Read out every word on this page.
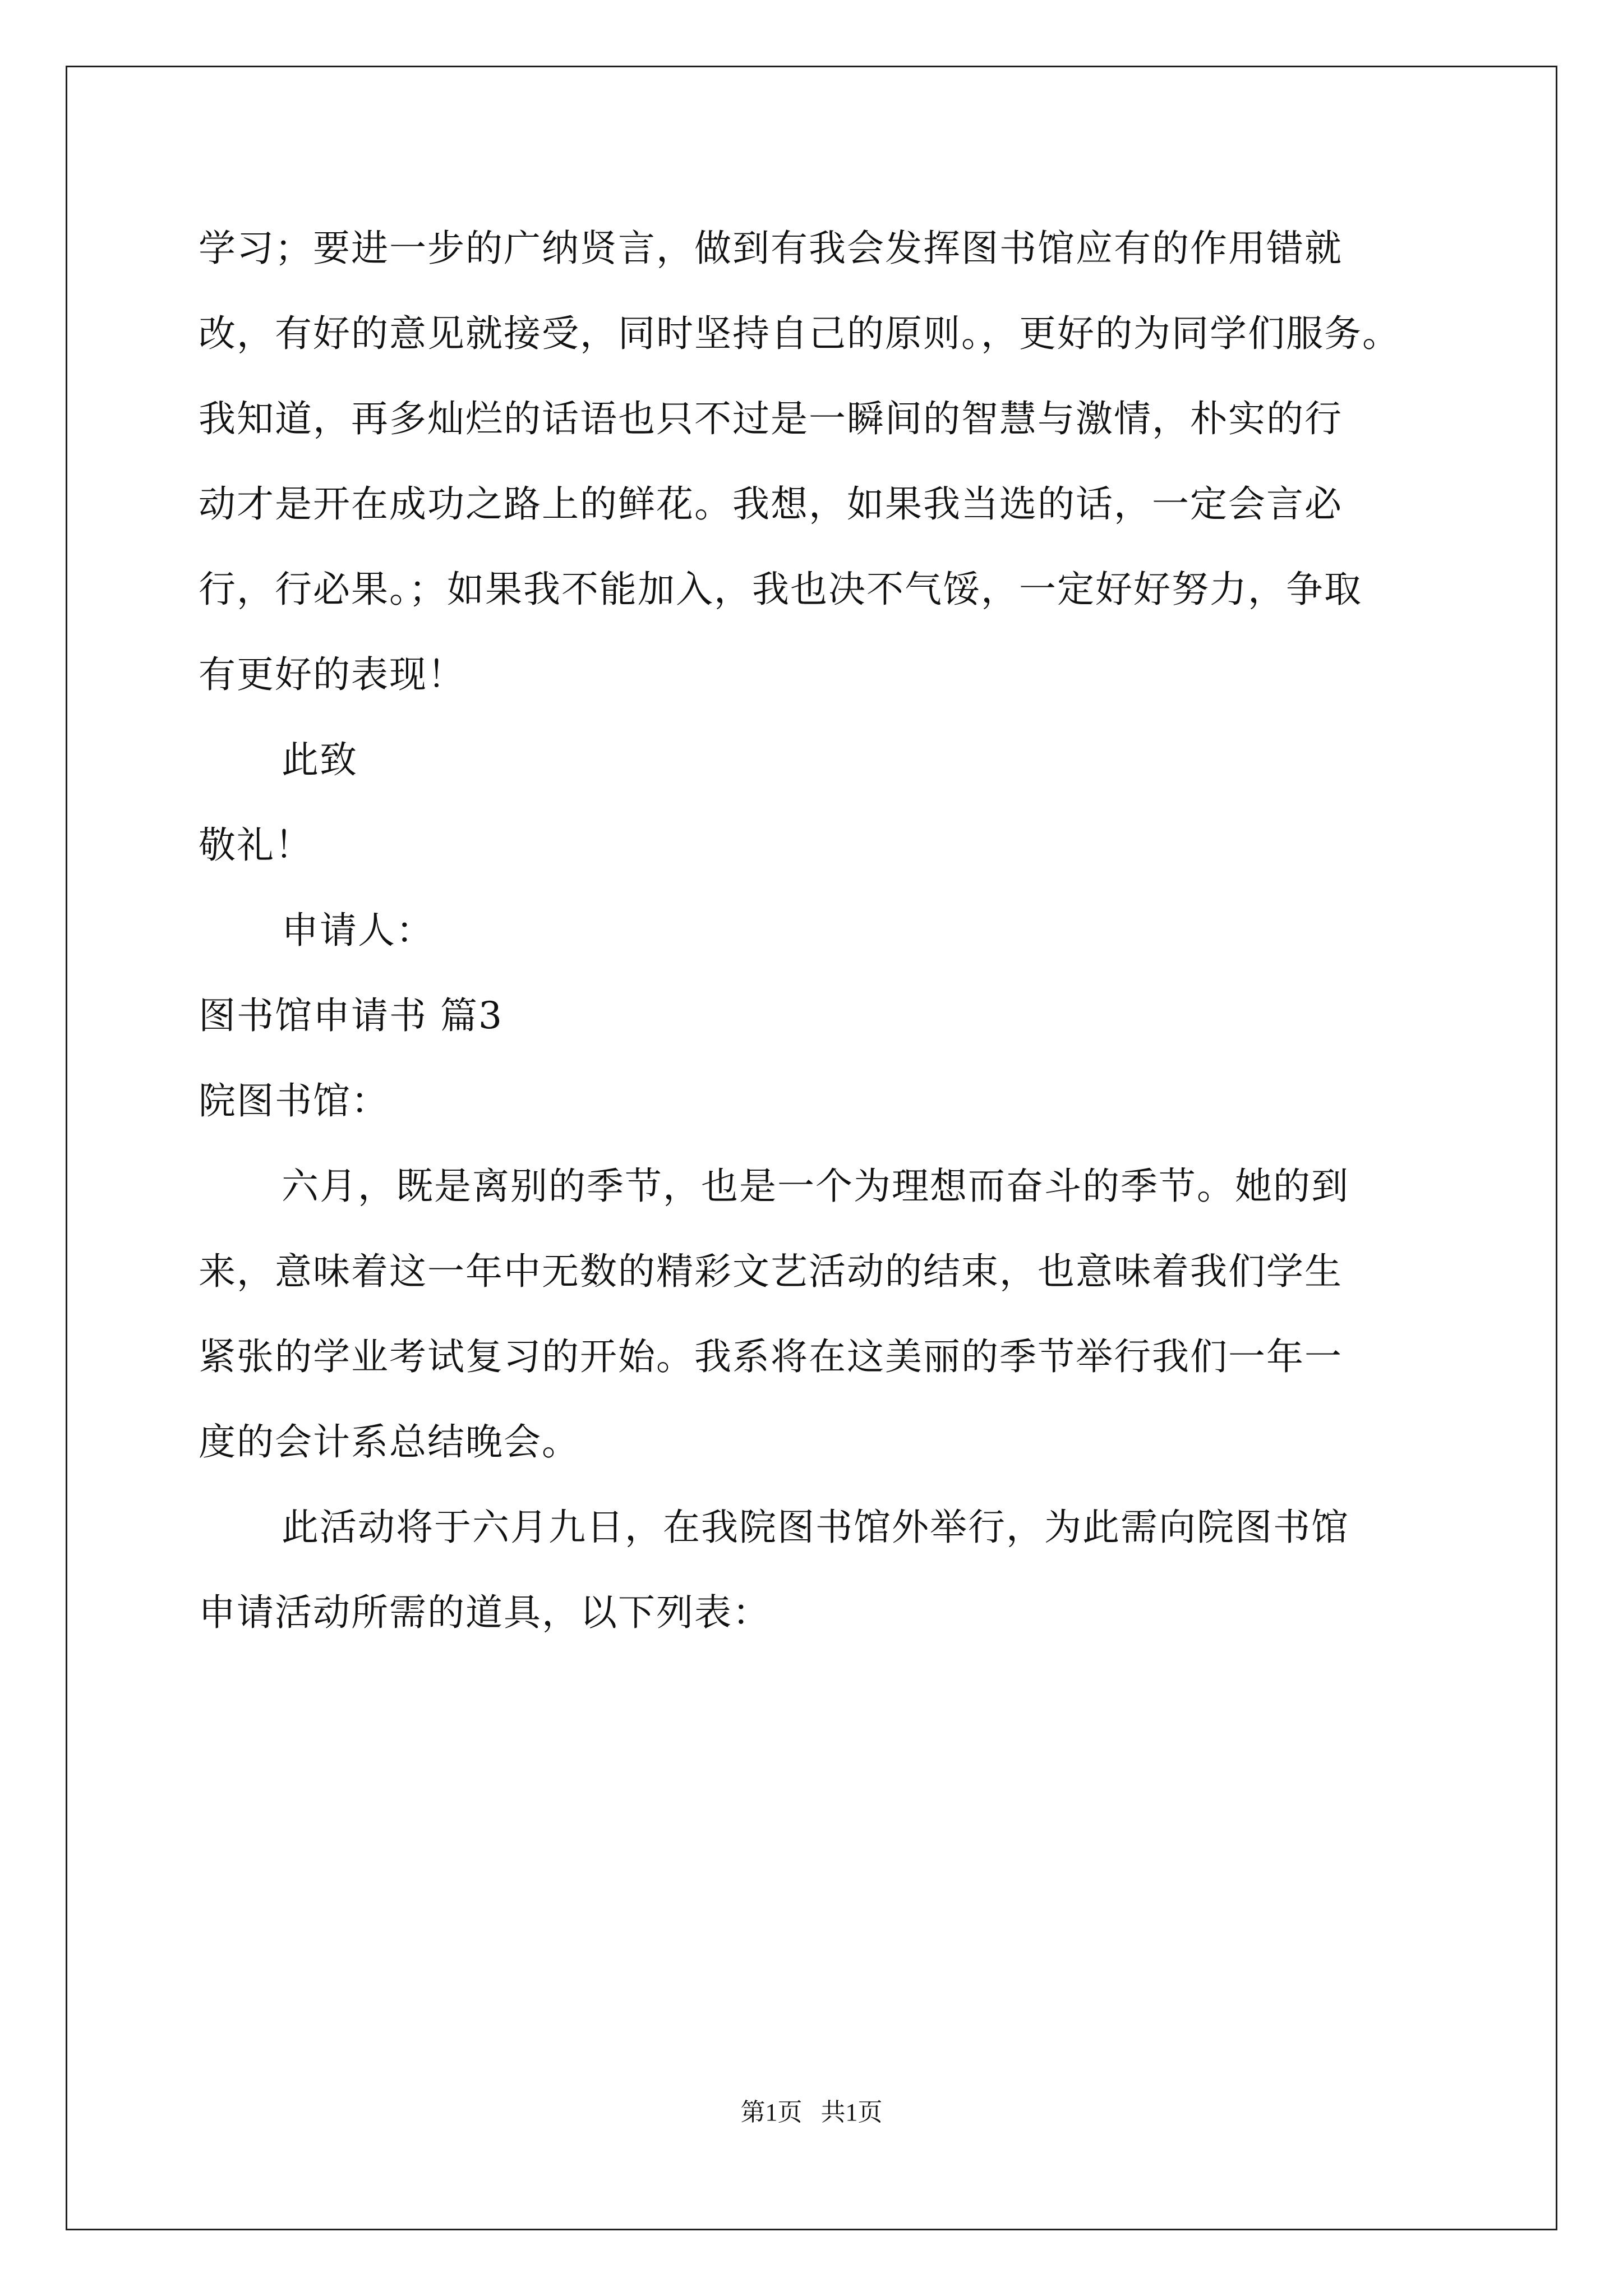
学习；要进一步的广纳贤言，做到有我会发挥图书馆应有的作用错就
改，有好的意见就接受，同时坚持自己的原则。，更好的为同学们服务。
我知道，再多灿烂的话语也只不过是一瞬间的智慧与激情，朴实的行
动才是开在成功之路上的鲜花。我想，如果我当选的话，一定会言必
行，行必果。；如果我不能加入，我也决不气馁，一定好好努力，争取
有更好的表现！
此致
敬礼！
申请人：
图书馆申请书 篇3
院图书馆：
六月，既是离别的季节，也是一个为理想而奋斗的季节。她的到
来，意味着这一年中无数的精彩文艺活动的结束，也意味着我们学生
紧张的学业考试复习的开始。我系将在这美丽的季节举行我们一年一
度的会计系总结晚会。
此活动将于六月九日，在我院图书馆外举行，为此需向院图书馆
申请活动所需的道具，以下列表：
第1页   共1页
